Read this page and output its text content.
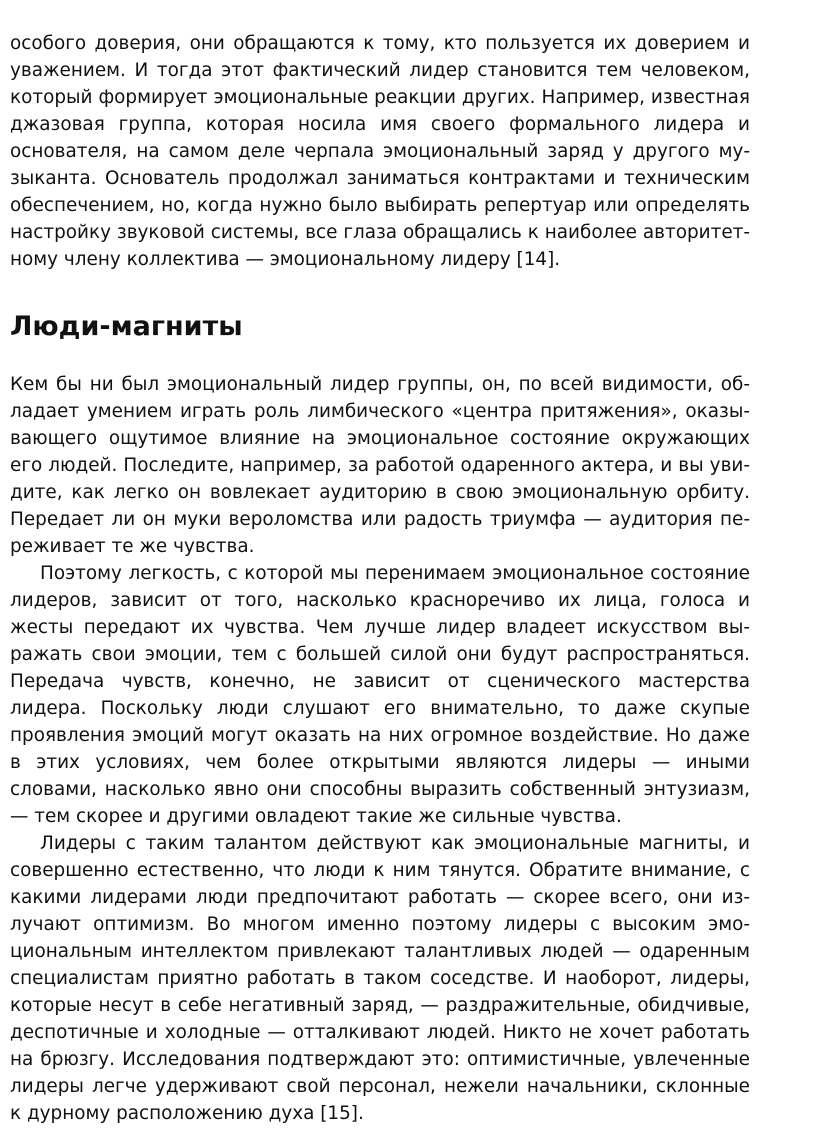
особого доверия, они обращаются к тому, кто пользуется их доверием и уважением. И тогда этот фактический лидер становится тем человеком, который формирует эмоциональные реакции других. Например, известная джазовая группа, которая носила имя своего формального лидера и основателя, на самом деле черпала эмоциональный заряд у другого музыканта. Основатель продолжал заниматься контрактами и техническим обеспечением, но, когда нужно было выбирать репертуар или определять настройку звуковой системы, все глаза обращались к наиболее авторитетному члену коллектива — эмоциональному лидеру [14].

Люди-магниты

Кем бы ни был эмоциональный лидер группы, он, по всей видимости, обладает умением играть роль лимбического «центра притяжения», оказывающего ощутимое влияние на эмоциональное состояние окружающих его людей. Последите, например, за работой одаренного актера, и вы увидите, как легко он вовлекает аудиторию в свою эмоциональную орбиту. Передает ли он муки вероломства или радость триумфа — аудитория переживает те же чувства.

Поэтому легкость, с которой мы перенимаем эмоциональное состояние лидеров, зависит от того, насколько красноречиво их лица, голоса и жесты передают их чувства. Чем лучше лидер владеет искусством выражать свои эмоции, тем с большей силой они будут распространяться. Передача чувств, конечно, не зависит от сценического мастерства лидера. Поскольку люди слушают его внимательно, то даже скупые проявления эмоций могут оказать на них огромное воздействие. Но даже в этих условиях, чем более открытыми являются лидеры — иными словами, насколько явно они способны выразить собственный энтузиазм, — тем скорее и другими овладеют такие же сильные чувства.

Лидеры с таким талантом действуют как эмоциональные магниты, и совершенно естественно, что люди к ним тянутся. Обратите внимание, с какими лидерами люди предпочитают работать — скорее всего, они излучают оптимизм. Во многом именно поэтому лидеры с высоким эмоциональным интеллектом привлекают талантливых людей — одаренным специалистам приятно работать в таком соседстве. И наоборот, лидеры, которые несут в себе негативный заряд, — раздражительные, обидчивые, деспотичные и холодные — отталкивают людей. Никто не хочет работать на брюзгу. Исследования подтверждают это: оптимистичные, увлеченные лидеры легче удерживают свой персонал, нежели начальники, склонные к дурному расположению духа [15].
